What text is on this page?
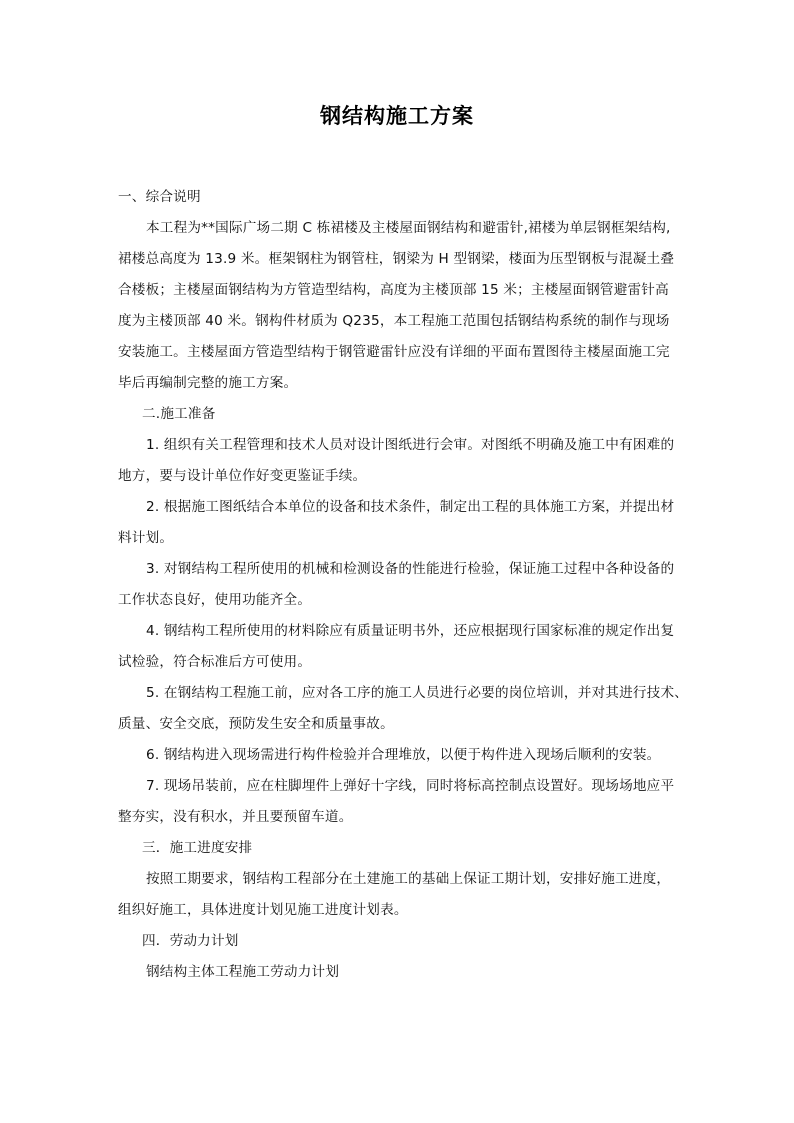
钢结构施工方案
一、综合说明
本工程为**国际广场二期 C 栋裙楼及主楼屋面钢结构和避雷针,裙楼为单层钢框架结构,
裙楼总高度为 13.9 米。框架钢柱为钢管柱，钢梁为 H 型钢梁，楼面为压型钢板与混凝土叠
合楼板；主楼屋面钢结构为方管造型结构，高度为主楼顶部 15 米；主楼屋面钢管避雷针高
度为主楼顶部 40 米。钢构件材质为 Q235，本工程施工范围包括钢结构系统的制作与现场
安装施工。主楼屋面方管造型结构于钢管避雷针应没有详细的平面布置图待主楼屋面施工完
毕后再编制完整的施工方案。
二.施工准备
1. 组织有关工程管理和技术人员对设计图纸进行会审。对图纸不明确及施工中有困难的
地方，要与设计单位作好变更鉴证手续。
2. 根据施工图纸结合本单位的设备和技术条件，制定出工程的具体施工方案，并提出材
料计划。
3. 对钢结构工程所使用的机械和检测设备的性能进行检验，保证施工过程中各种设备的
工作状态良好，使用功能齐全。
4. 钢结构工程所使用的材料除应有质量证明书外，还应根据现行国家标准的规定作出复
试检验，符合标准后方可使用。
5. 在钢结构工程施工前，应对各工序的施工人员进行必要的岗位培训，并对其进行技术、
质量、安全交底，预防发生安全和质量事故。
6. 钢结构进入现场需进行构件检验并合理堆放，以便于构件进入现场后顺利的安装。
7. 现场吊装前，应在柱脚埋件上弹好十字线，同时将标高控制点设置好。现场场地应平
整夯实，没有积水，并且要预留车道。
三．施工进度安排
按照工期要求，钢结构工程部分在土建施工的基础上保证工期计划，安排好施工进度，
组织好施工，具体进度计划见施工进度计划表。
四．劳动力计划
钢结构主体工程施工劳动力计划
